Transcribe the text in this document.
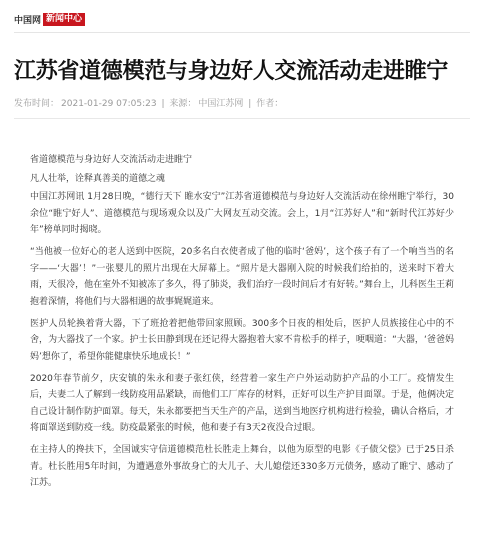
中国网 新闻中心
江苏省道德模范与身边好人交流活动走进睢宁
发布时间： 2021-01-29 07:05:23 | 来源： 中国江苏网 | 作者：

省道德模范与身边好人交流活动走进睢宁

凡人壮举，诠释真善美的道德之魂

中国江苏网讯 1月28日晚，“德行天下 睢水安宁”江苏省道德模范与身边好人交流活动在徐州睢宁举行，30余位“睢宁好人”、道德模范与现场观众以及广大网友互动交流。会上，1月“江苏好人”和“新时代江苏好少年”榜单同时揭晓。

“当他被一位好心的老人送到中医院，20多名白衣使者成了他的临时‘爸妈’，这个孩子有了一个响当当的名字——‘大器’！”一张婴儿的照片出现在大屏幕上。“照片是大器刚入院的时候我们给拍的，送来时下着大雨，天很冷，他在室外不知被冻了多久，得了肺炎，我们治疗一段时间后才有好转。”舞台上，儿科医生王莉抱着深情，将他们与大器相遇的故事娓娓道来。

医护人员轮换着背大器，下了班抢着把他带回家照顾。300多个日夜的相处后，医护人员族接住心中的不舍，为大器找了一个家。护士长田静到现在还记得大器抱着大家不肯松手的样子，哽咽道：“大器，‘爸爸妈妈’想你了，希望你能健康快乐地成长！”

2020年春节前夕，庆安镇的朱永和妻子张红侠，经营着一家生产户外运动防护产品的小工厂。疫情发生后，夫妻二人了解到一线防疫用品紧缺，而他们工厂库存的材料，正好可以生产护目面罩。于是，他俩决定自己设计制作防护面罩。每天，朱永都要把当天生产的产品，送到当地医疗机构进行检验，确认合格后，才将面罩送到防疫一线。防疫最紧张的时候，他和妻子有3天2夜没合过眼。

在主持人的搀扶下，全国诚实守信道德模范杜长胜走上舞台，以他为原型的电影《子债父偿》已于25日杀青。杜长胜用5年时间，为遭遇意外事故身亡的大儿子、大儿媳偿还330多万元债务，感动了睢宁、感动了江苏。
